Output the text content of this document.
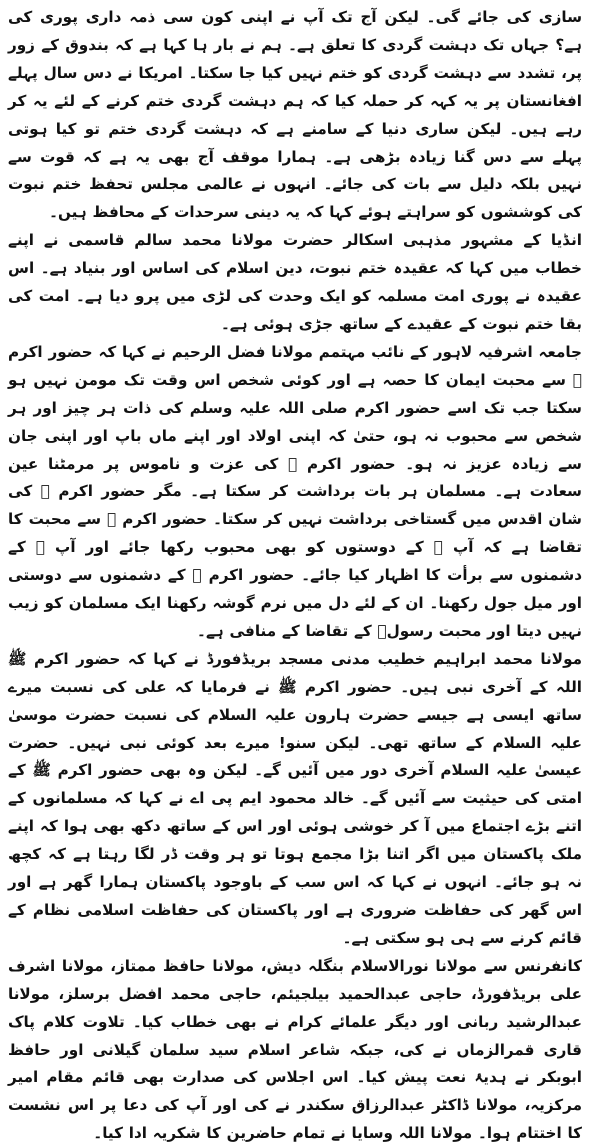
سازی کی جائے گی۔ لیکن آج تک آپ نے اپنی کون سی ذمہ داری پوری کی ہے؟ جہاں تک دہشت گردی کا تعلق ہے۔ ہم نے بار ہا کہا ہے کہ بندوق کے زور پر، تشدد سے دہشت گردی کو ختم نہیں کیا جا سکتا۔ امریکا نے دس سال پہلے افغانستان پر یہ کہہ کر حملہ کیا کہ ہم دہشت گردی ختم کرنے کے لئے یہ کر رہے ہیں۔ لیکن ساری دنیا کے سامنے ہے کہ دہشت گردی ختم تو کیا ہوتی پہلے سے دس گنا زیادہ بڑھی ہے۔ ہمارا موقف آج بھی یہ ہے کہ قوت سے نہیں بلکہ دلیل سے بات کی جائے۔ انہوں نے عالمی مجلس تحفظ ختم نبوت کی کوششوں کو سراہتے ہوئے کہا کہ یہ دینی سرحدات کے محافظ ہیں۔

انڈیا کے مشہور مذہبی اسکالر حضرت مولانا محمد سالم قاسمی نے اپنے خطاب میں کہا کہ عقیدہ ختم نبوت، دین اسلام کی اساس اور بنیاد ہے۔ اس عقیدہ نے پوری امت مسلمہ کو ایک وحدت کی لڑی میں پرو دیا ہے۔ امت کی بقا ختم نبوت کے عقیدے کے ساتھ جڑی ہوئی ہے۔

جامعہ اشرفیہ لاہور کے نائب مہتمم مولانا فضل الرحیم نے کہا کہ حضور اکرم ﷺ سے محبت ایمان کا حصہ ہے اور کوئی شخص اس وقت تک مومن نہیں ہو سکتا جب تک اسے حضور اکرم صلی اللہ علیہ وسلم کی ذات ہر چیز اور ہر شخص سے محبوب نہ ہو، حتیٰ کہ اپنی اولاد اور اپنے ماں باپ اور اپنی جان سے زیادہ عزیز نہ ہو۔ حضور اکرم ﷺ کی عزت و ناموس پر مرمٹنا عین سعادت ہے۔ مسلمان ہر بات برداشت کر سکتا ہے۔ مگر حضور اکرم ﷺ کی شان اقدس میں گستاخی برداشت نہیں کر سکتا۔ حضور اکرم ﷺ سے محبت کا تقاضا ہے کہ آپ ﷺ کے دوستوں کو بھی محبوب رکھا جائے اور آپ ﷺ کے دشمنوں سے برأت کا اظہار کیا جائے۔ حضور اکرم ﷺ کے دشمنوں سے دوستی اور میل جول رکھنا۔ ان کے لئے دل میں نرم گوشہ رکھنا ایک مسلمان کو زیب نہیں دیتا اور محبت رسولؐ کے تقاضا کے منافی ہے۔

مولانا محمد ابراہیم خطیب مدنی مسجد بریڈفورڈ نے کہا کہ حضور اکرم ﷺ اللہ کے آخری نبی ہیں۔ حضور اکرم ﷺ نے فرمایا کہ علی کی نسبت میرے ساتھ ایسی ہے جیسے حضرت ہارون علیہ السلام کی نسبت حضرت موسیٰ علیہ السلام کے ساتھ تھی۔ لیکن سنو! میرے بعد کوئی نبی نہیں۔ حضرت عیسیٰ علیہ السلام آخری دور میں آئیں گے۔ لیکن وہ بھی حضور اکرم ﷺ کے امتی کی حیثیت سے آئیں گے۔ خالد محمود ایم پی اے نے کہا کہ مسلمانوں کے اتنے بڑے اجتماع میں آ کر خوشی ہوئی اور اس کے ساتھ دکھ بھی ہوا کہ اپنے ملک پاکستان میں اگر اتنا بڑا مجمع ہوتا تو ہر وقت ڈر لگا رہتا ہے کہ کچھ نہ ہو جائے۔ انہوں نے کہا کہ اس سب کے باوجود پاکستان ہمارا گھر ہے اور اس گھر کی حفاظت ضروری ہے اور پاکستان کی حفاظت اسلامی نظام کے قائم کرنے سے ہی ہو سکتی ہے۔

کانفرنس سے مولانا نورالاسلام بنگلہ دیش، مولانا حافظ ممتاز، مولانا اشرف علی بریڈفورڈ، حاجی عبدالحمید بیلجیئم، حاجی محمد افضل برسلز، مولانا عبدالرشید ربانی اور دیگر علمائے کرام نے بھی خطاب کیا۔ تلاوت کلام پاک قاری قمرالزماں نے کی، جبکہ شاعر اسلام سید سلمان گیلانی اور حافظ ابوبکر نے ہدیۂ نعت پیش کیا۔ اس اجلاس کی صدارت بھی قائم مقام امیر مرکزیہ، مولانا ڈاکٹر عبدالرزاق سکندر نے کی اور آپ کی دعا پر اس نشست کا اختتام ہوا۔ مولانا اللہ وسایا نے تمام حاضرین کا شکریہ ادا کیا۔
